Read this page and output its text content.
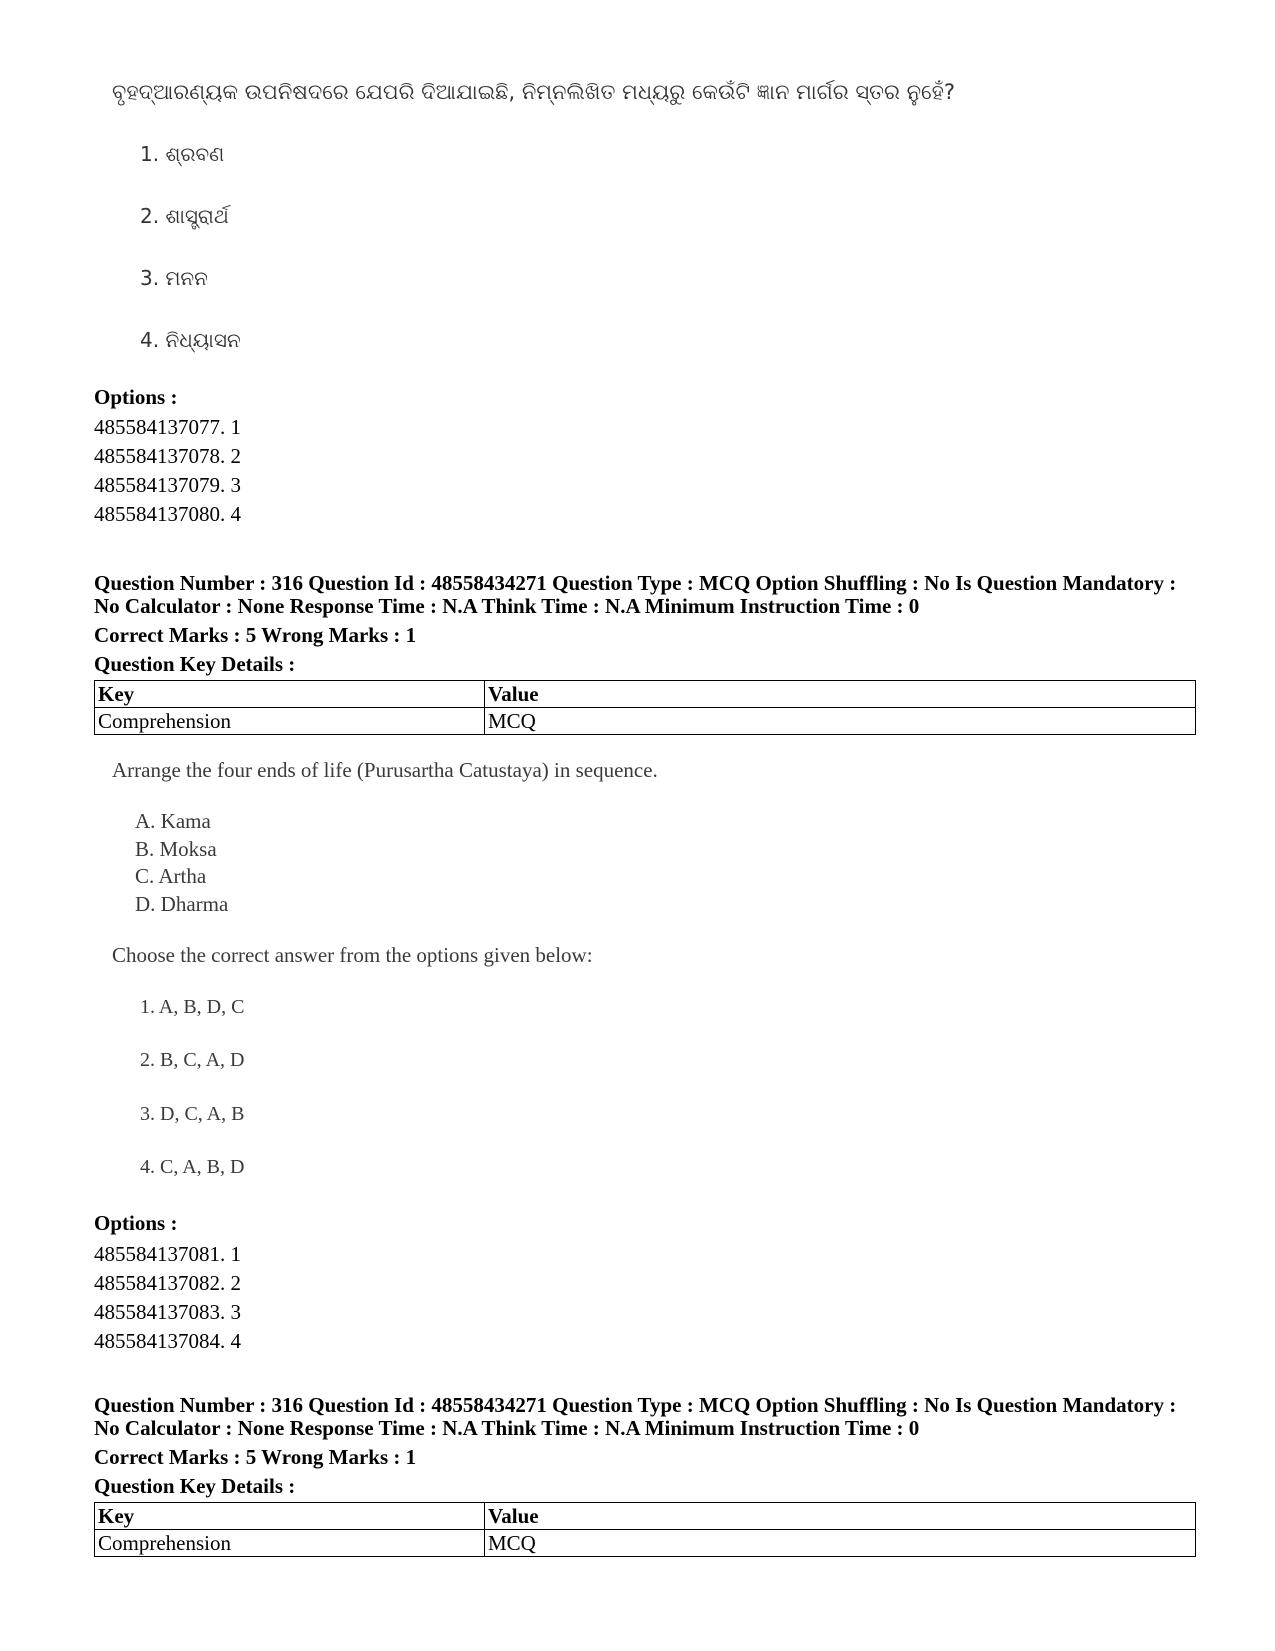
ବୃହଦ୍ଆରଣ୍ୟକ ଉପନିଷଦରେ ଯେପରି ଦିଆଯାଇଛି, ନିମ୍ନଲିଖିତ ମଧ୍ୟରୁ କେଉଁଟି ଜ୍ଞାନ ମାର୍ଗର ସ୍ତର ନୁହେଁ?
1. ଶ୍ରବଣ
2. ଶାସ୍ତ୍ରାର୍ଥ
3. ମନନ
4. ନିଧ୍ୟାସନ
Options :
485584137077. 1
485584137078. 2
485584137079. 3
485584137080. 4
Question Number : 316 Question Id : 48558434271 Question Type : MCQ Option Shuffling : No Is Question Mandatory :
No Calculator : None Response Time : N.A Think Time : N.A Minimum Instruction Time : 0
Correct Marks : 5 Wrong Marks : 1
Question Key Details :
Key	Value
Comprehension	MCQ
Arrange the four ends of life (Purusartha Catustaya) in sequence.
A. Kama
B. Moksa
C. Artha
D. Dharma
Choose the correct answer from the options given below:
1. A, B, D, C
2. B, C, A, D
3. D, C, A, B
4. C, A, B, D
Options :
485584137081. 1
485584137082. 2
485584137083. 3
485584137084. 4
Question Number : 316 Question Id : 48558434271 Question Type : MCQ Option Shuffling : No Is Question Mandatory :
No Calculator : None Response Time : N.A Think Time : N.A Minimum Instruction Time : 0
Correct Marks : 5 Wrong Marks : 1
Question Key Details :
Key	Value
Comprehension	MCQ
